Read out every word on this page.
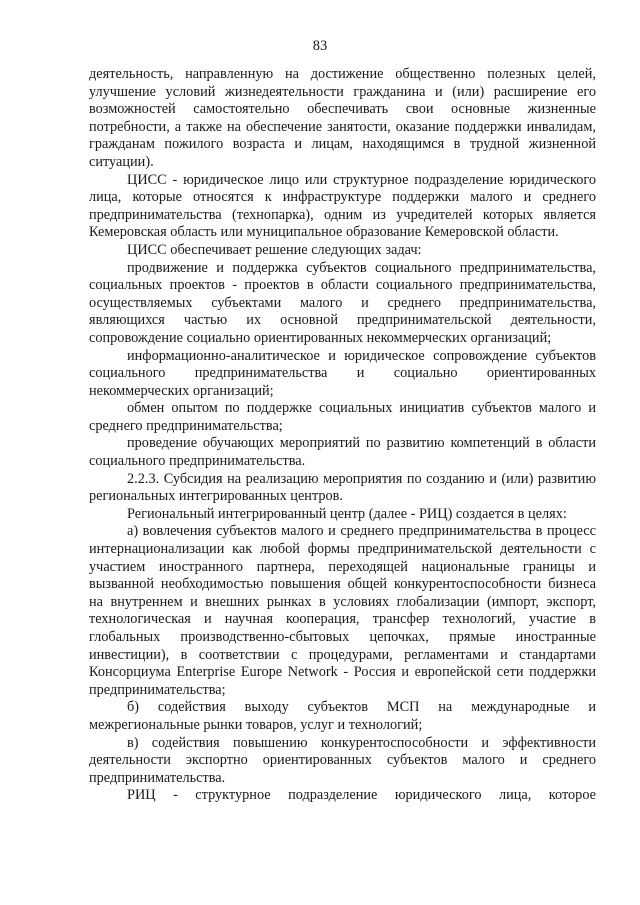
83

деятельность, направленную на достижение общественно полезных целей, улучшение условий жизнедеятельности гражданина и (или) расширение его возможностей самостоятельно обеспечивать свои основные жизненные потребности, а также на обеспечение занятости, оказание поддержки инвалидам, гражданам пожилого возраста и лицам, находящимся в трудной жизненной ситуации).

ЦИСС - юридическое лицо или структурное подразделение юридического лица, которые относятся к инфраструктуре поддержки малого и среднего предпринимательства (технопарка), одним из учредителей которых является Кемеровская область или муниципальное образование Кемеровской области.

ЦИСС обеспечивает решение следующих задач:

продвижение и поддержка субъектов социального предпринимательства, социальных проектов - проектов в области социального предпринимательства, осуществляемых субъектами малого и среднего предпринимательства, являющихся частью их основной предпринимательской деятельности, сопровождение социально ориентированных некоммерческих организаций;

информационно-аналитическое и юридическое сопровождение субъектов социального предпринимательства и социально ориентированных некоммерческих организаций;

обмен опытом по поддержке социальных инициатив субъектов малого и среднего предпринимательства;

проведение обучающих мероприятий по развитию компетенций в области социального предпринимательства.

2.2.3. Субсидия на реализацию мероприятия по созданию и (или) развитию региональных интегрированных центров.

Региональный интегрированный центр (далее - РИЦ) создается в целях:

а) вовлечения субъектов малого и среднего предпринимательства в процесс интернационализации как любой формы предпринимательской деятельности с участием иностранного партнера, переходящей национальные границы и вызванной необходимостью повышения общей конкурентоспособности бизнеса на внутреннем и внешних рынках в условиях глобализации (импорт, экспорт, технологическая и научная кооперация, трансфер технологий, участие в глобальных производственно-сбытовых цепочках, прямые иностранные инвестиции), в соответствии с процедурами, регламентами и стандартами Консорциума Enterprise Europe Network - Россия и европейской сети поддержки предпринимательства;

б) содействия выходу субъектов МСП на международные и межрегиональные рынки товаров, услуг и технологий;

в) содействия повышению конкурентоспособности и эффективности деятельности экспортно ориентированных субъектов малого и среднего предпринимательства.

РИЦ - структурное подразделение юридического лица, которое
